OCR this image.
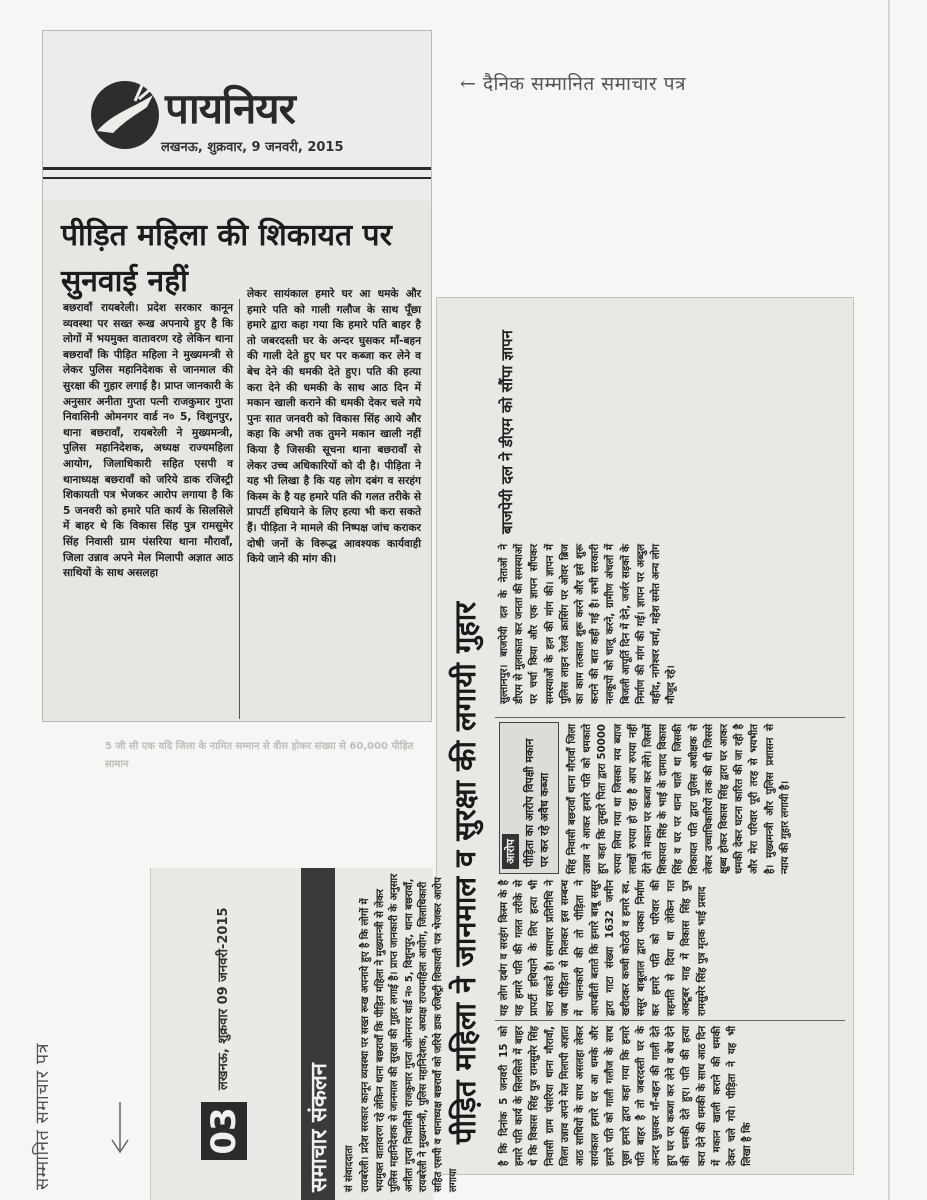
← दैनिक सम्मानित समाचार पत्र
सम्मानित समाचार पत्र
पायनियर
लखनऊ, शुक्रवार, 9 जनवरी, 2015
पीड़ित महिला की शिकायत पर सुनवाई नहीं
बछरावाँ रायबरेली। प्रदेश सरकार कानून व्यवस्था पर सख्त रूख अपनाये हुए है कि लोगों में भयमुक्त वातावरण रहे लेकिन थाना बछरावाँ कि पीड़ित महिला ने मुख्यमन्त्री से लेकर पुलिस महानिदेशक से जानमाल की सुरक्षा की गुहार लगाई है। प्राप्त जानकारी के अनुसार अनीता गुप्ता पत्नी राजकुमार गुप्ता निवासिनी ओमनगर वार्ड न० 5, विशुनपुर, थाना बछरावाँ, रायबरेली ने मुख्यमन्त्री, पुलिस महानिदेशक, अध्यक्ष राज्यमहिला आयोग, जिलाधिकारी सहित एसपी व थानाध्यक्ष बछरावाँ को जरिये डाक रजिस्ट्री शिकायती पत्र भेजकर आरोप लगाया है कि 5 जनवरी को हमारे पति कार्य के सिलसिले में बाहर थे कि विकास सिंह पुत्र रामसुमेर सिंह निवासी ग्राम पंसरिया थाना मौरावाँ, जिला उन्नाव अपने मेल मिलापी अज्ञात आठ साथियों के साथ असलहा
लेकर सायंकाल हमारे घर आ धमके और हमारे पति को गाली गलौज के साथ पूँछा हमारे द्वारा कहा गया कि हमारे पति बाहर है तो जबरदस्ती घर के अन्दर घुसकर माँ-बहन की गाली देते हुए घर पर कब्जा कर लेने व बेच देने की धमकी देते हुए। पति की हत्या करा देने की धमकी के साथ आठ दिन में मकान खाली कराने की धमकी देकर चले गये पुनः सात जनवरी को विकास सिंह आये और कहा कि अभी तक तुमने मकान खाली नहीं किया है जिसकी सूचना थाना बछरावाँ से लेकर उच्च अधिकारियों को दी है। पीड़िता ने यह भी लिखा है कि यह लोग दबंग व सरहंग किस्म के है यह हमारे पति की गलत तरीके से प्रापर्टी हथियाने के लिए हत्या भी करा सकते हैं। पीड़िता ने मामले की निष्पक्ष जांच कराकर दोषी जनों के विरूद्ध आवश्यक कार्यवाही किये जाने की मांग की।
5 जी सी एक यदि जिला के नामित सम्मान से वीस होकर संख्या से 60,000 पीड़ित सामान	पीड़ित महिला ने जानमाल व सुरक्षा की लगायी गुहार आरोप पीड़िता का आरोप विपक्षी मकान पर कर रहे अवैध कब्जा
है कि दिनांक 5 जनवरी 15 को हमारे पति कार्य के सिलसिले में बाहर थे कि विकास सिंह पुत्र रामसुमेर सिंह निवासी ग्राम पंसरिया थाना मौरावाँ, जिला उन्नाव अपने मेल मिलापी अज्ञात आठ साथियों के साथ असलहा लेकर सायंकाल हमारे घर आ धमके और हमारे पति को गाली गलौज के साथ पूछा हमारे द्वारा कहा गया कि हमारे पति बाहर है तो जबरदस्ती घर के अन्दर घुसकर माँ-बहन की गाली देते हुए घर पर कब्जा कर लेने व बेच देने की धमकी देते हुए। पति की हत्या करा देने की धमकी के साथ आठ दिन में मकान खाली कराने की धमकी देकर चले गये। पीड़िता ने यह भी लिखा है कि
यह लोग दबंग व सरहंग किस्म के है यह हमारे पति की गलत तरीके से प्रापर्टी हथियाने के लिए हत्या भी करा सकते है। समाचार प्रतिनिधि ने जब पीड़िता से मिलकर इस सम्बन्ध में जानकारी की तो पीड़िता ने आपबीती बताते कि हमारे बाबू ससुर द्वारा गाटा संख्या 1632 जमीन खरीदकर कच्ची कोठरी व हमारे स्व. ससुर बाबूलाल द्वारा पक्का निर्माण कर हमारे पति को परिवार की सहमति से दिया था लेकिन गत अक्टूबर माह में विकास सिंह पुत्र रामसुमेर सिंह पुत्र मृतक भाई प्रसाद
सिंह निवासी बछरावाँ थाना मौरावाँ जिला उन्नाव ने आकर हमारे पति को धमकाते हुए कहा कि तुम्हारे पिता द्वारा 50000 रुपया लिया गया था जिसका मय ब्याज लाखों रुपया हो रहा है आप रुपया नहीं देंगे तो मकान पर कब्जा कर लेंगे। जिसमें शिकायत सिंह के भाई के दामाद विकास सिंह व घर पर थाना चाले था जिसकी शिकायत पति द्वारा पुलिस अधीक्षक से लेकर उच्चाधिकारियों तक की थी जिससे क्षुब्ध होकर विकास सिंह द्वारा घर आकर धमकी देकर घटना कारित की जा रही है और मेरा परिवार पूरी तरह से भयभीत है। मुख्यमन्त्री और पुलिस प्रशासन से न्याय की गुहार लगायी है।
बाजपेयी दल ने डीएम को सौंपा ज्ञापन
सुल्तानपुर। बाजपेयी दल के नेताओं ने डीएम से मुलाकात कर जनता की समस्याओं पर चर्चा किया और एक ज्ञापन सौंपकर समस्याओं के हल की मांग की। ज्ञापन में पुलिस लाइन रेलवे क्रासिंग पर ओवर ब्रिज का काम तत्काल शुरू करने और इसे शुरू कराने की बात कही गई है। सभी सरकारी नलकूपों को चालू करने, ग्रामीण अंचलों में बिजली आपूर्ति दिन में देने, जर्जर सड़कों के निर्माण की मांग की गई। ज्ञापन पर अब्दुल वहीद, नागेश्वर वर्मा, महेश समेत अन्य लोग मौजूद रहे।
03
लखनऊ, शुक्रवार 09 जनवरी-2015
समाचार संकलन सं संवाददाता रायबरेली। प्रदेश सरकार कानून व्यवस्था पर सख्त रूख अपनाये हुए है कि लोगों में भयमुक्त वातावरण रहे लेकिन थाना बछरावाँ कि पीड़ित महिला ने मुख्यमन्त्री से लेकर पुलिस महानिदेशक से जानमाल की सुरक्षा की गुहार लगाई है। प्राप्त जानकारी के अनुसार अनीता गुप्ता निवासिनी राजकुमार गुप्ता ओमनगर वार्ड न० 5, विशुनपुर, थाना बछरावाँ, रायबरेली ने मुख्यमन्त्री, पुलिस महानिदेशक, अध्यक्ष राज्यमहिला आयोग, जिलाधिकारी सहित एसपी व थानाध्यक्ष बछरावाँ को जरिये डाक रजिस्ट्री शिकायती पत्र भेजकर आरोप लगाया
